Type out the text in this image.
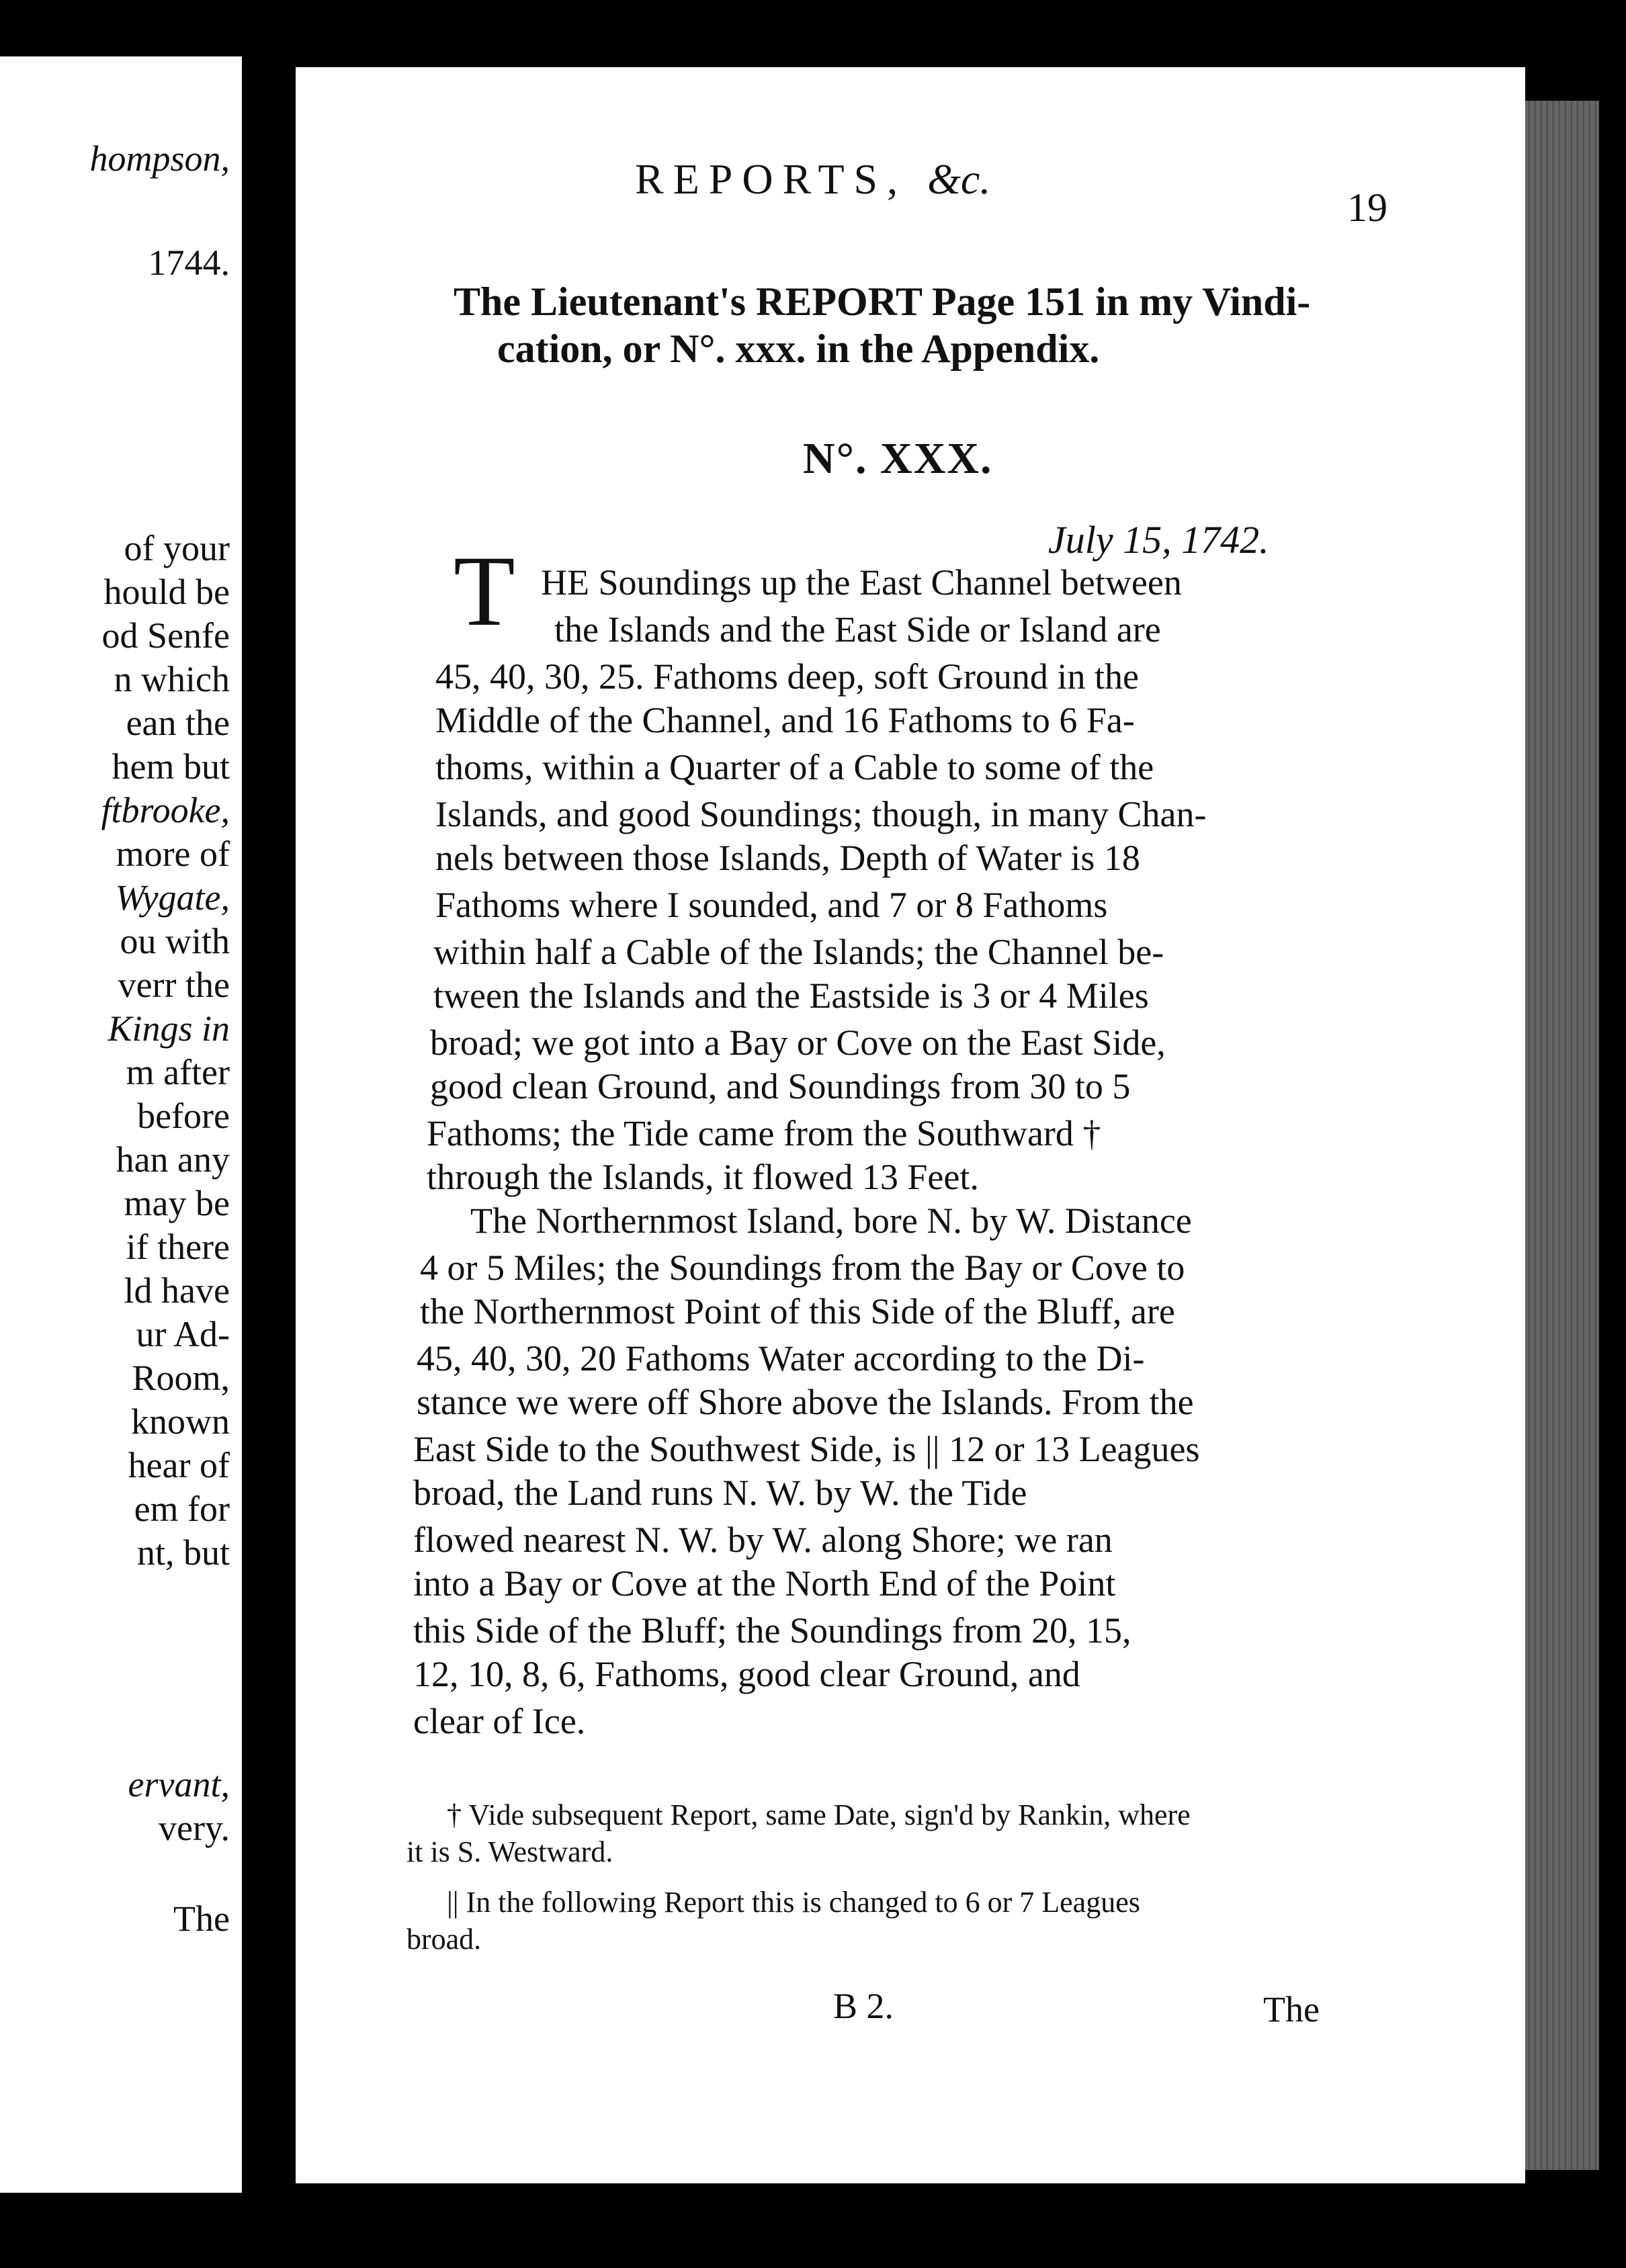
hompson,
1744.
of your
hould be
od Senfe
n which
ean the
hem but
ftbrooke,
more of
Wygate,
ou with
verr the
Kings in
m after
before
han any
may be
if there
ld have
ur Ad-
Room,
known
hear of
em for
nt, but
ervant,
very.
The
REPORTS, &c.
19
The Lieutenant's REPORT Page 151 in my Vindi-
cation, or N°. xxx. in the Appendix.
N°. XXX.
July 15, 1742.
T HE Soundings up the East Channel between
the Islands and the East Side or Island are
45, 40, 30, 25. Fathoms deep, soft Ground in the
Middle of the Channel, and 16 Fathoms to 6 Fa-
thoms, within a Quarter of a Cable to some of the
Islands, and good Soundings; though, in many Chan-
nels between those Islands, Depth of Water is 18
Fathoms where I sounded, and 7 or 8 Fathoms
within half a Cable of the Islands; the Channel be-
tween the Islands and the Eastside is 3 or 4 Miles
broad; we got into a Bay or Cove on the East Side,
good clean Ground, and Soundings from 30 to 5
Fathoms; the Tide came from the Southward †
through the Islands, it flowed 13 Feet.
The Northernmost Island, bore N. by W. Distance
4 or 5 Miles; the Soundings from the Bay or Cove to
the Northernmost Point of this Side of the Bluff, are
45, 40, 30, 20 Fathoms Water according to the Di-
stance we were off Shore above the Islands. From the
East Side to the Southwest Side, is || 12 or 13 Leagues
broad, the Land runs N. W. by W. the Tide
flowed nearest N. W. by W. along Shore; we ran
into a Bay or Cove at the North End of the Point
this Side of the Bluff; the Soundings from 20, 15,
12, 10, 8, 6, Fathoms, good clear Ground, and
clear of Ice.
† Vide subsequent Report, same Date, sign'd by Rankin, where
it is S. Westward.
|| In the following Report this is changed to 6 or 7 Leagues
broad.
B 2.	The
